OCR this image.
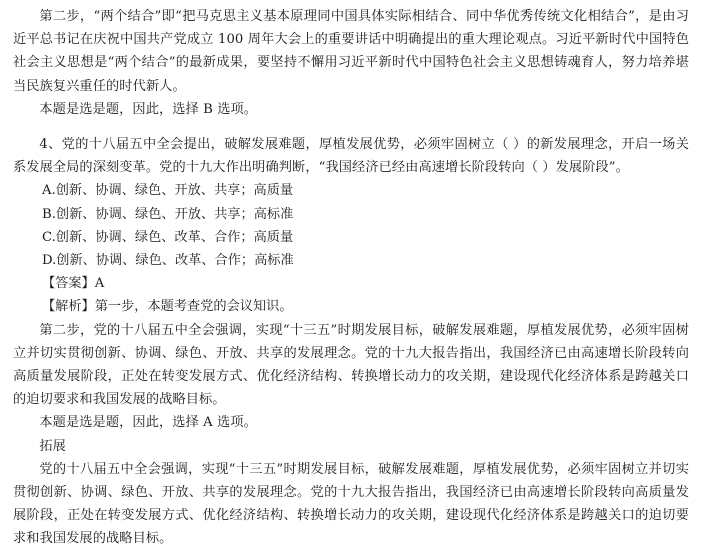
第二步，“两个结合”即“把马克思主义基本原理同中国具体实际相结合、同中华优秀传统文化相结合”，是由习近平总书记在庆祝中国共产党成立 100 周年大会上的重要讲话中明确提出的重大理论观点。习近平新时代中国特色社会主义思想是“两个结合”的最新成果，要坚持不懈用习近平新时代中国特色社会主义思想铸魂育人，努力培养堪当民族复兴重任的时代新人。

本题是选是题，因此，选择 B 选项。

4、党的十八届五中全会提出，破解发展难题，厚植发展优势，必须牢固树立（ ）的新发展理念，开启一场关系发展全局的深刻变革。党的十九大作出明确判断，“我国经济已经由高速增长阶段转向（ ）发展阶段”。

A.创新、协调、绿色、开放、共享；高质量

B.创新、协调、绿色、开放、共享；高标准

C.创新、协调、绿色、改革、合作；高质量

D.创新、协调、绿色、改革、合作；高标准

【答案】A

【解析】第一步，本题考查党的会议知识。

第二步，党的十八届五中全会强调，实现“十三五”时期发展目标，破解发展难题，厚植发展优势，必须牢固树立并切实贯彻创新、协调、绿色、开放、共享的发展理念。党的十九大报告指出，我国经济已由高速增长阶段转向高质量发展阶段，正处在转变发展方式、优化经济结构、转换增长动力的攻关期，建设现代化经济体系是跨越关口的迫切要求和我国发展的战略目标。

本题是选是题，因此，选择 A 选项。

拓展

党的十八届五中全会强调，实现“十三五”时期发展目标，破解发展难题，厚植发展优势，必须牢固树立并切实贯彻创新、协调、绿色、开放、共享的发展理念。党的十九大报告指出，我国经济已由高速增长阶段转向高质量发展阶段，正处在转变发展方式、优化经济结构、转换增长动力的攻关期，建设现代化经济体系是跨越关口的迫切要求和我国发展的战略目标。
